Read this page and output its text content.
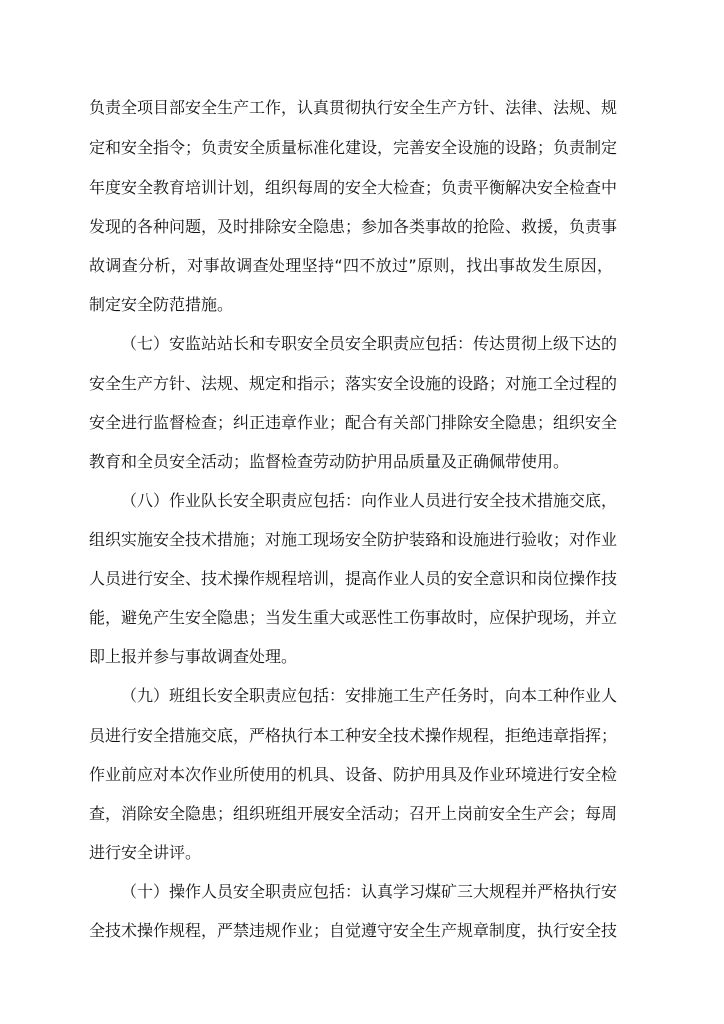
负责全项目部安全生产工作，认真贯彻执行安全生产方针、法律、法规、规
定和安全指令；负责安全质量标准化建设，完善安全设施的设路；负责制定
年度安全教育培训计划，组织每周的安全大检查；负责平衡解决安全检查中
发现的各种问题，及时排除安全隐患；参加各类事故的抢险、救援，负责事
故调查分析，对事故调查处理坚持“四不放过”原则，找出事故发生原因，
制定安全防范措施。
（七）安监站站长和专职安全员安全职责应包括：传达贯彻上级下达的
安全生产方针、法规、规定和指示；落实安全设施的设路；对施工全过程的
安全进行监督检查；纠正违章作业；配合有关部门排除安全隐患；组织安全
教育和全员安全活动；监督检查劳动防护用品质量及正确佩带使用。
（八）作业队长安全职责应包括：向作业人员进行安全技术措施交底，
组织实施安全技术措施；对施工现场安全防护装臵和设施进行验收；对作业
人员进行安全、技术操作规程培训，提高作业人员的安全意识和岗位操作技
能，避免产生安全隐患；当发生重大或恶性工伤事故时，应保护现场，并立
即上报并参与事故调查处理。
（九）班组长安全职责应包括：安排施工生产任务时，向本工种作业人
员进行安全措施交底，严格执行本工种安全技术操作规程，拒绝违章指挥；
作业前应对本次作业所使用的机具、设备、防护用具及作业环境进行安全检
查，消除安全隐患；组织班组开展安全活动；召开上岗前安全生产会；每周
进行安全讲评。
（十）操作人员安全职责应包括：认真学习煤矿三大规程并严格执行安
全技术操作规程，严禁违规作业；自觉遵守安全生产规章制度，执行安全技
